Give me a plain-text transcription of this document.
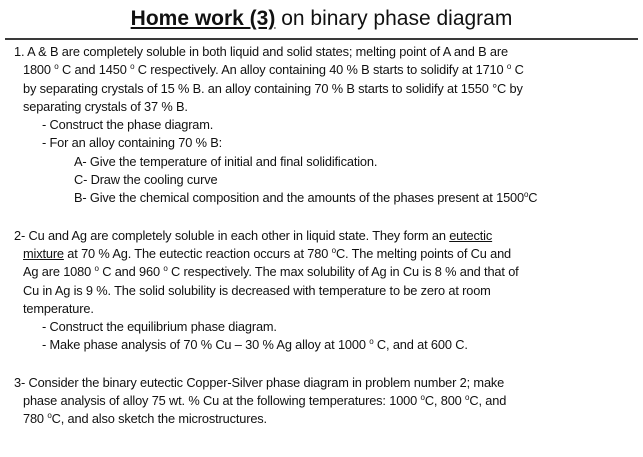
Home work (3) on binary phase diagram
1. A & B are completely soluble in both liquid and solid states; melting point of A and B are
1800 $^o$ C and 1450 $^o$ C respectively. An alloy containing 40 % B starts to solidify at 1710 $^o$ C
by separating crystals of 15 % B. an alloy containing 70 % B starts to solidify at 1550 °C by
separating crystals of 37 % B.
- Construct the phase diagram.
- For an alloy containing 70 % B:
A- Give the temperature of initial and final solidification.
C- Draw the cooling curve
B- Give the chemical composition and the amounts of the phases present at 1500$^o$C
2- Cu and Ag are completely soluble in each other in liquid state. They form an eutectic
mixture at 70 % Ag. The eutectic reaction occurs at 780 $^o$C. The melting points of Cu and
Ag are 1080 $^o$ C and 960 $^o$ C respectively. The max solubility of Ag in Cu is 8 % and that of
Cu in Ag is 9 %. The solid solubility is decreased with temperature to be zero at room
temperature.
- Construct the equilibrium phase diagram.
- Make phase analysis of 70 % Cu – 30 % Ag alloy at 1000 $^o$ C, and at 600 C.
3- Consider the binary eutectic Copper-Silver phase diagram in problem number 2; make
phase analysis of alloy 75 wt. % Cu at the following temperatures: 1000 $^o$C, 800 $^o$C, and
780 $^o$C, and also sketch the microstructures.
